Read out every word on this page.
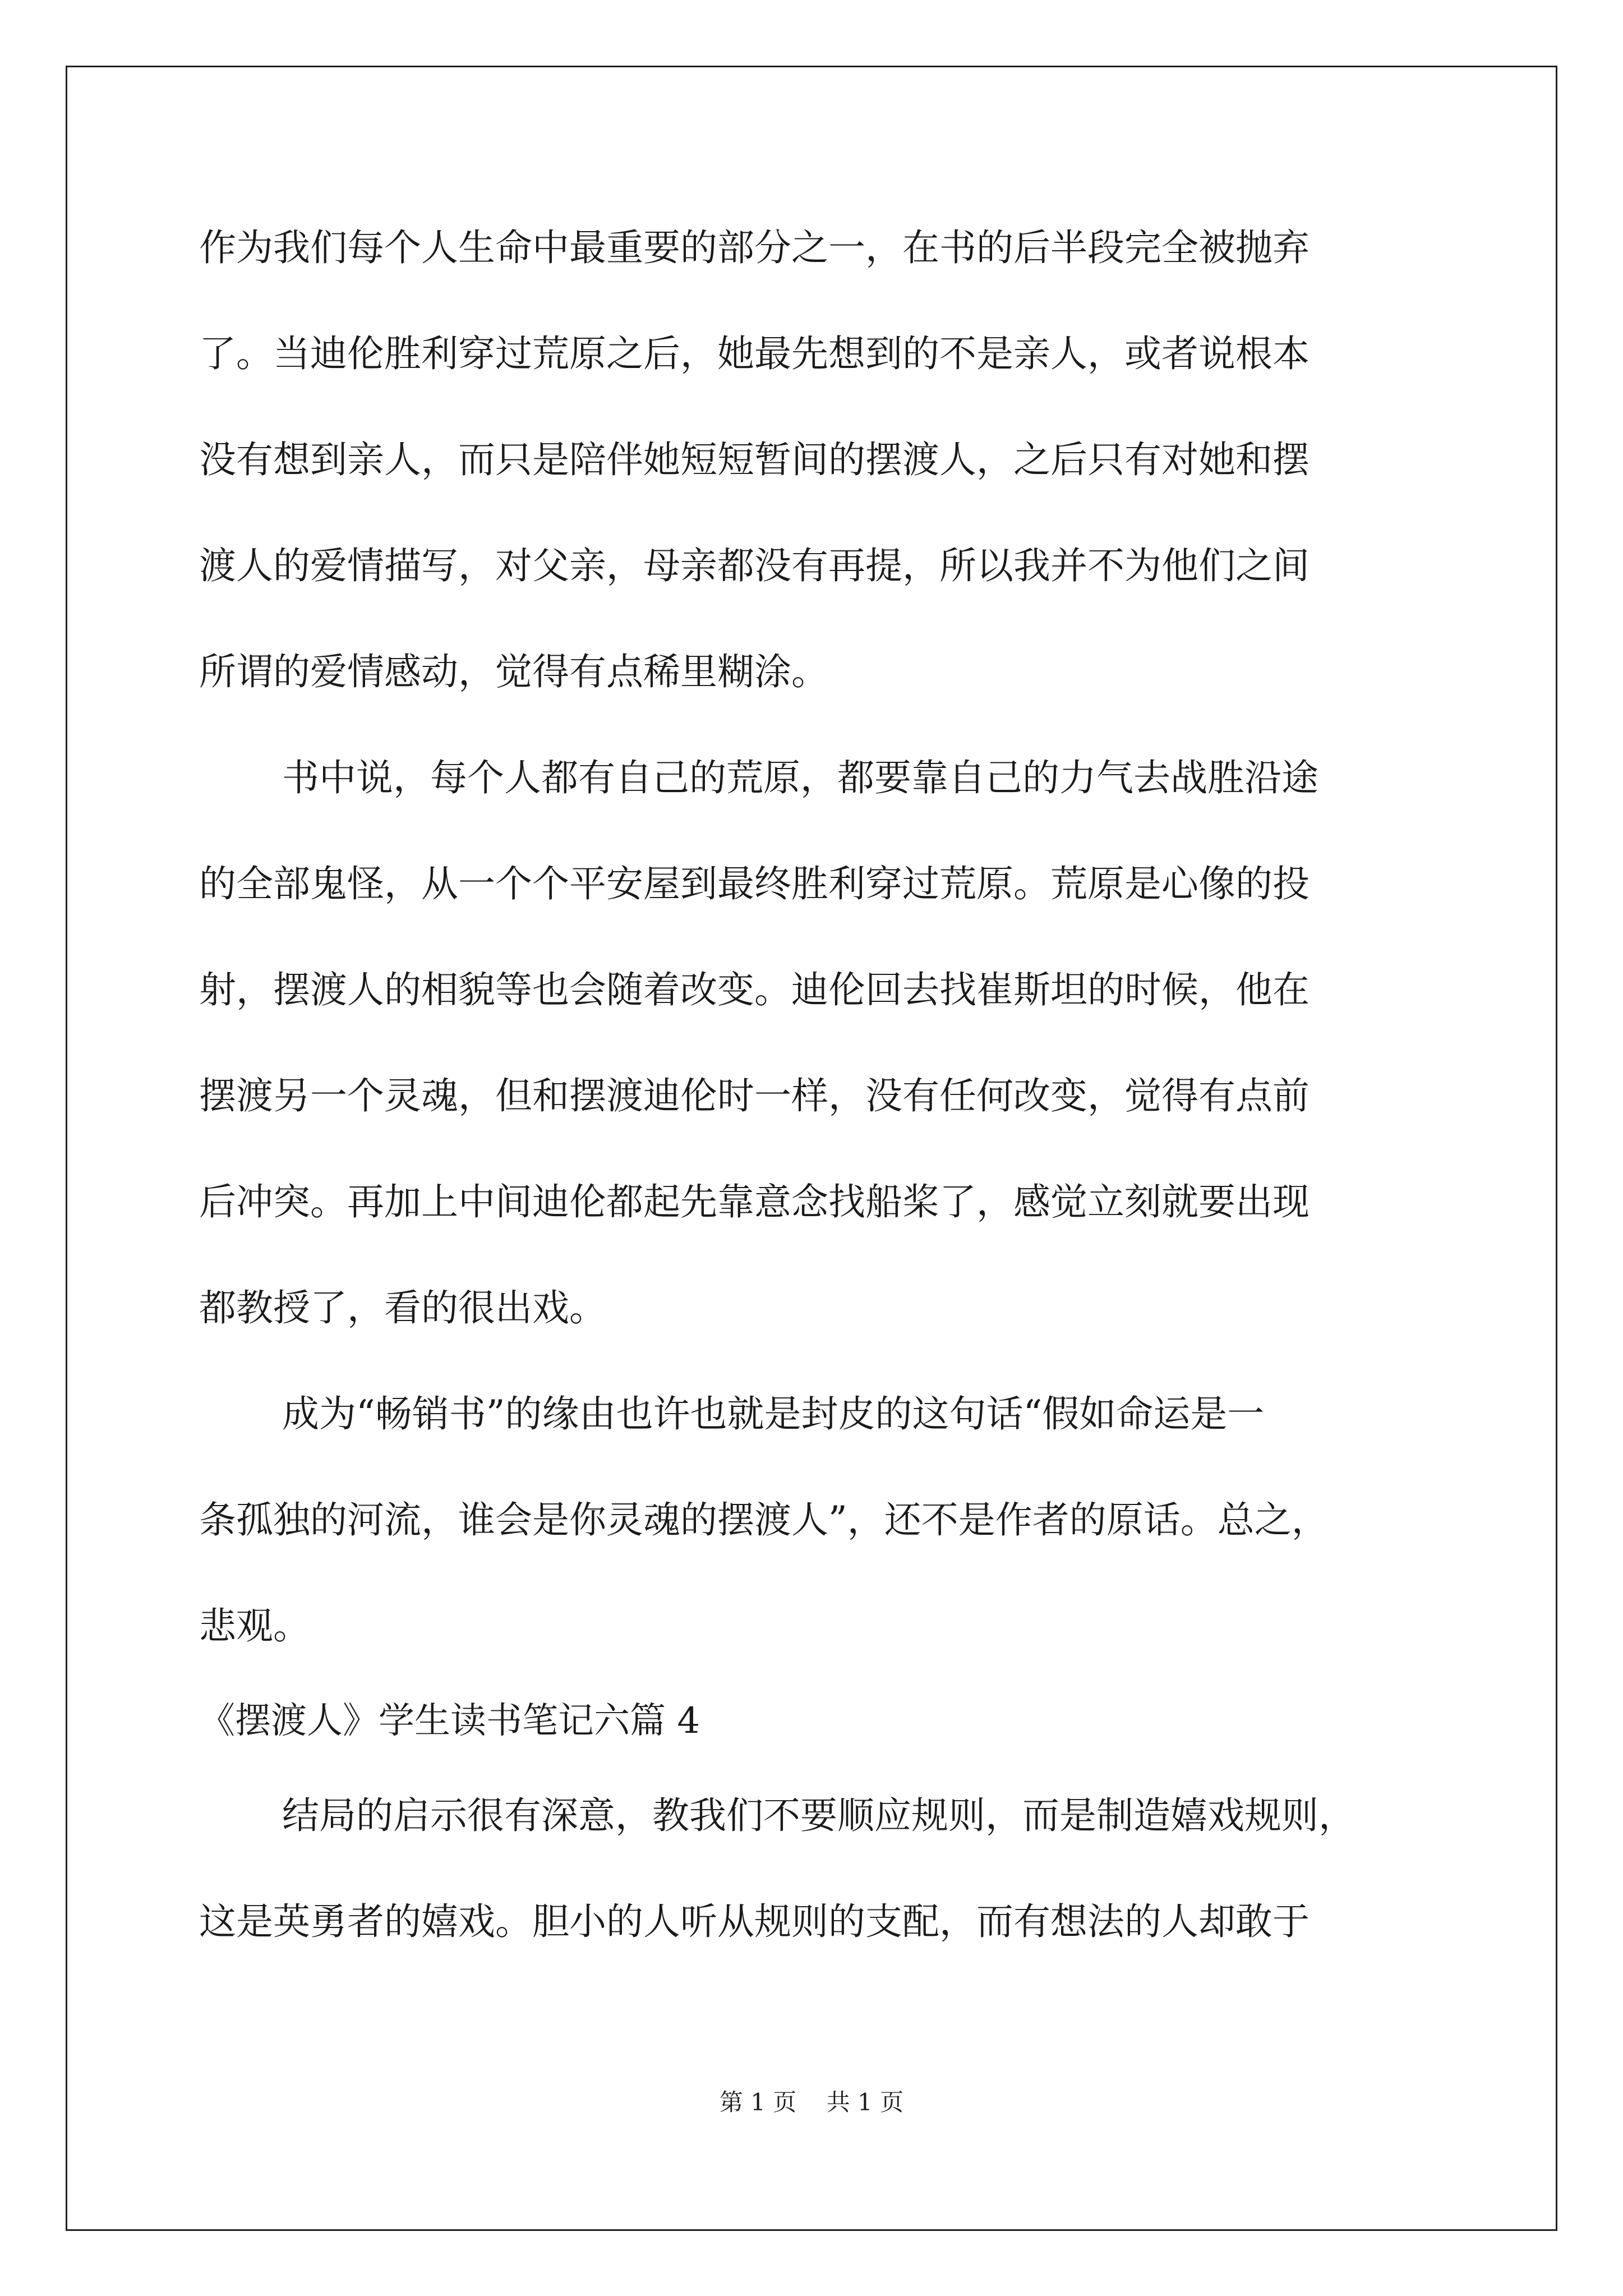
作为我们每个人生命中最重要的部分之一，在书的后半段完全被抛弃
了。当迪伦胜利穿过荒原之后，她最先想到的不是亲人，或者说根本
没有想到亲人，而只是陪伴她短短暂间的摆渡人，之后只有对她和摆
渡人的爱情描写，对父亲，母亲都没有再提，所以我并不为他们之间
所谓的爱情感动，觉得有点稀里糊涂。
书中说，每个人都有自己的荒原，都要靠自己的力气去战胜沿途
的全部鬼怪，从一个个平安屋到最终胜利穿过荒原。荒原是心像的投
射，摆渡人的相貌等也会随着改变。迪伦回去找崔斯坦的时候，他在
摆渡另一个灵魂，但和摆渡迪伦时一样，没有任何改变，觉得有点前
后冲突。再加上中间迪伦都起先靠意念找船桨了，感觉立刻就要出现
都教授了，看的很出戏。
成为“畅销书”的缘由也许也就是封皮的这句话“假如命运是一
条孤独的河流，谁会是你灵魂的摆渡人”，还不是作者的原话。总之，
悲观。
《摆渡人》学生读书笔记六篇 4
结局的启示很有深意，教我们不要顺应规则，而是制造嬉戏规则，
这是英勇者的嬉戏。胆小的人听从规则的支配，而有想法的人却敢于
第 1 页    共 1 页
